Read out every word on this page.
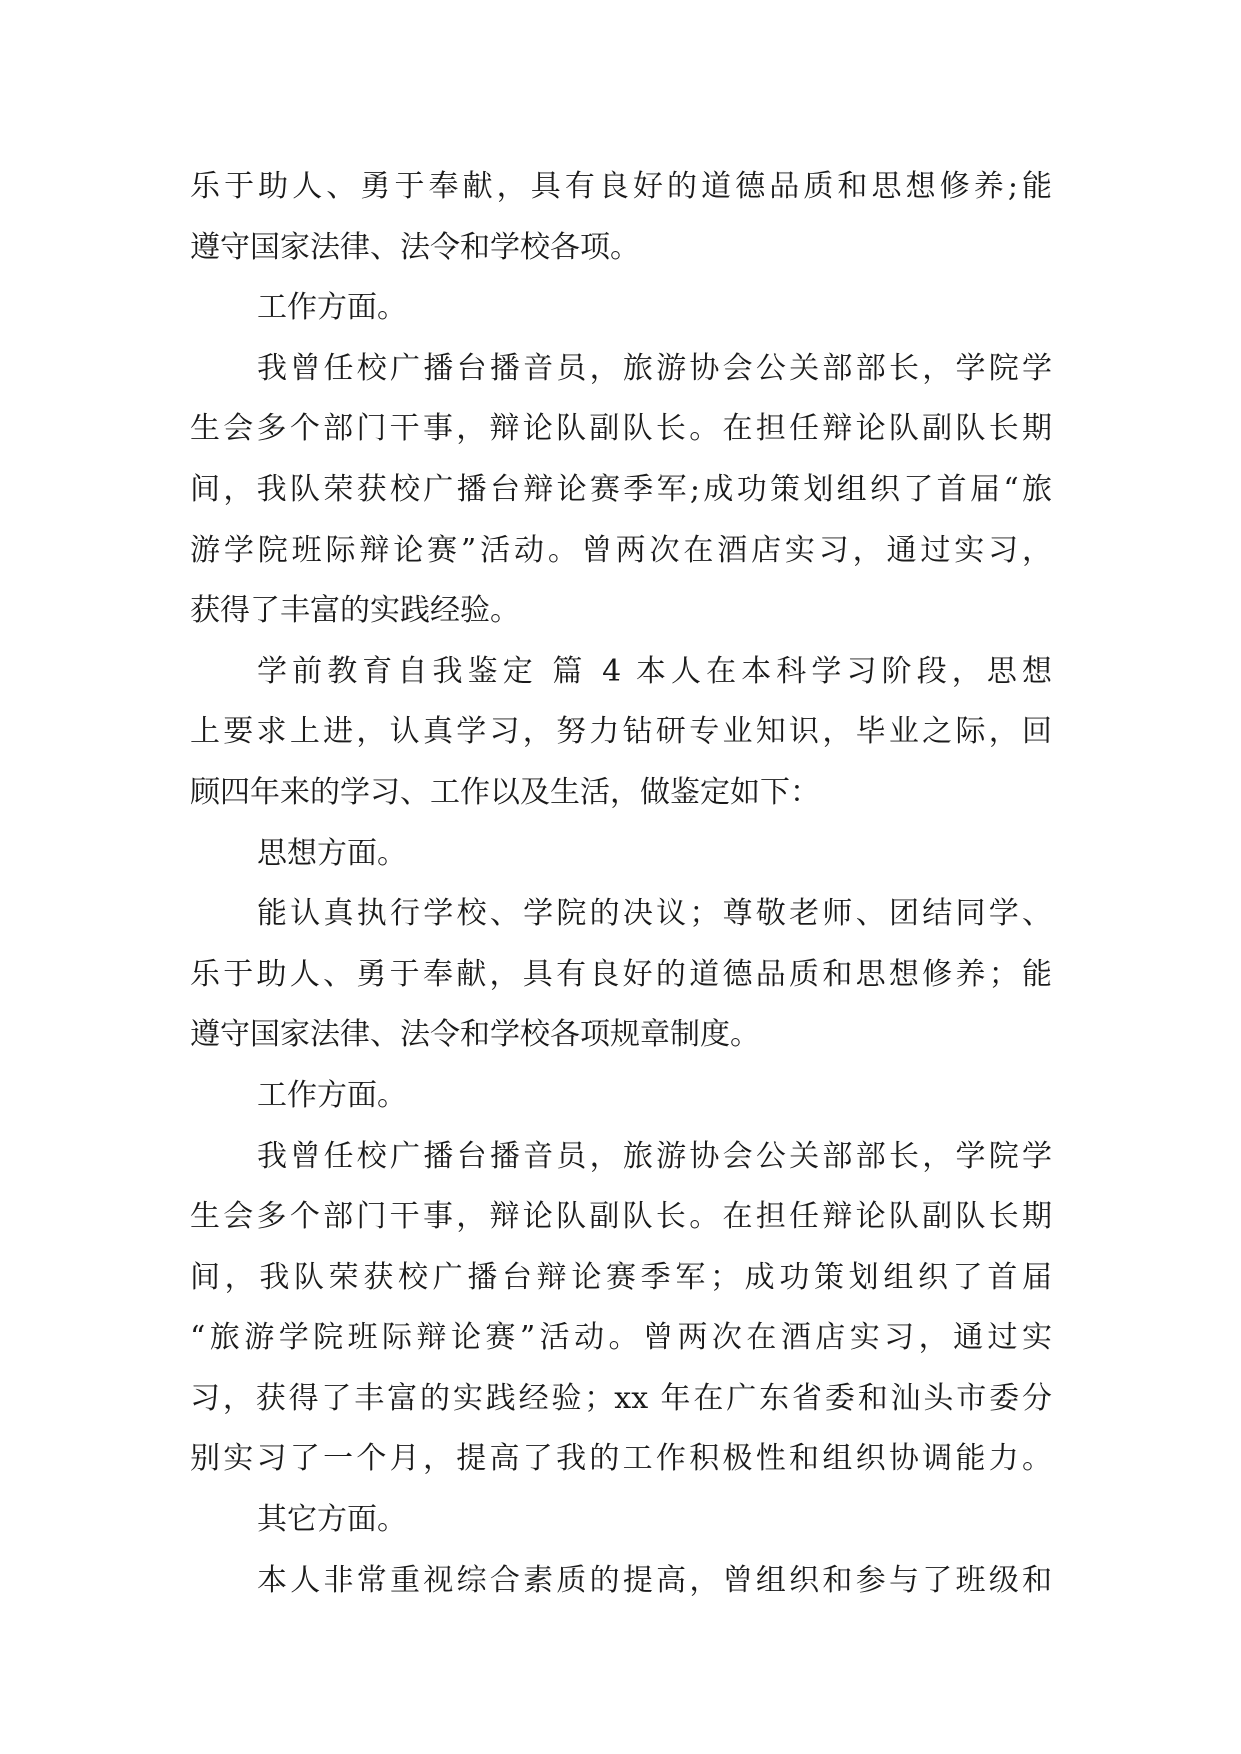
乐于助人、勇于奉献，具有良好的道德品质和思想修养;能
遵守国家法律、法令和学校各项。
工作方面。
我曾任校广播台播音员，旅游协会公关部部长，学院学
生会多个部门干事，辩论队副队长。在担任辩论队副队长期
间，我队荣获校广播台辩论赛季军;成功策划组织了首届“旅
游学院班际辩论赛”活动。曾两次在酒店实习，通过实习，
获得了丰富的实践经验。
学前教育自我鉴定 篇 4 本人在本科学习阶段，思想
上要求上进，认真学习，努力钻研专业知识，毕业之际，回
顾四年来的学习、工作以及生活，做鉴定如下：
思想方面。
能认真执行学校、学院的决议；尊敬老师、团结同学、
乐于助人、勇于奉献，具有良好的道德品质和思想修养；能
遵守国家法律、法令和学校各项规章制度。
工作方面。
我曾任校广播台播音员，旅游协会公关部部长，学院学
生会多个部门干事，辩论队副队长。在担任辩论队副队长期
间，我队荣获校广播台辩论赛季军；成功策划组织了首届
“旅游学院班际辩论赛”活动。曾两次在酒店实习，通过实
习，获得了丰富的实践经验；xx 年在广东省委和汕头市委分
别实习了一个月，提高了我的工作积极性和组织协调能力。
其它方面。
本人非常重视综合素质的提高，曾组织和参与了班级和
